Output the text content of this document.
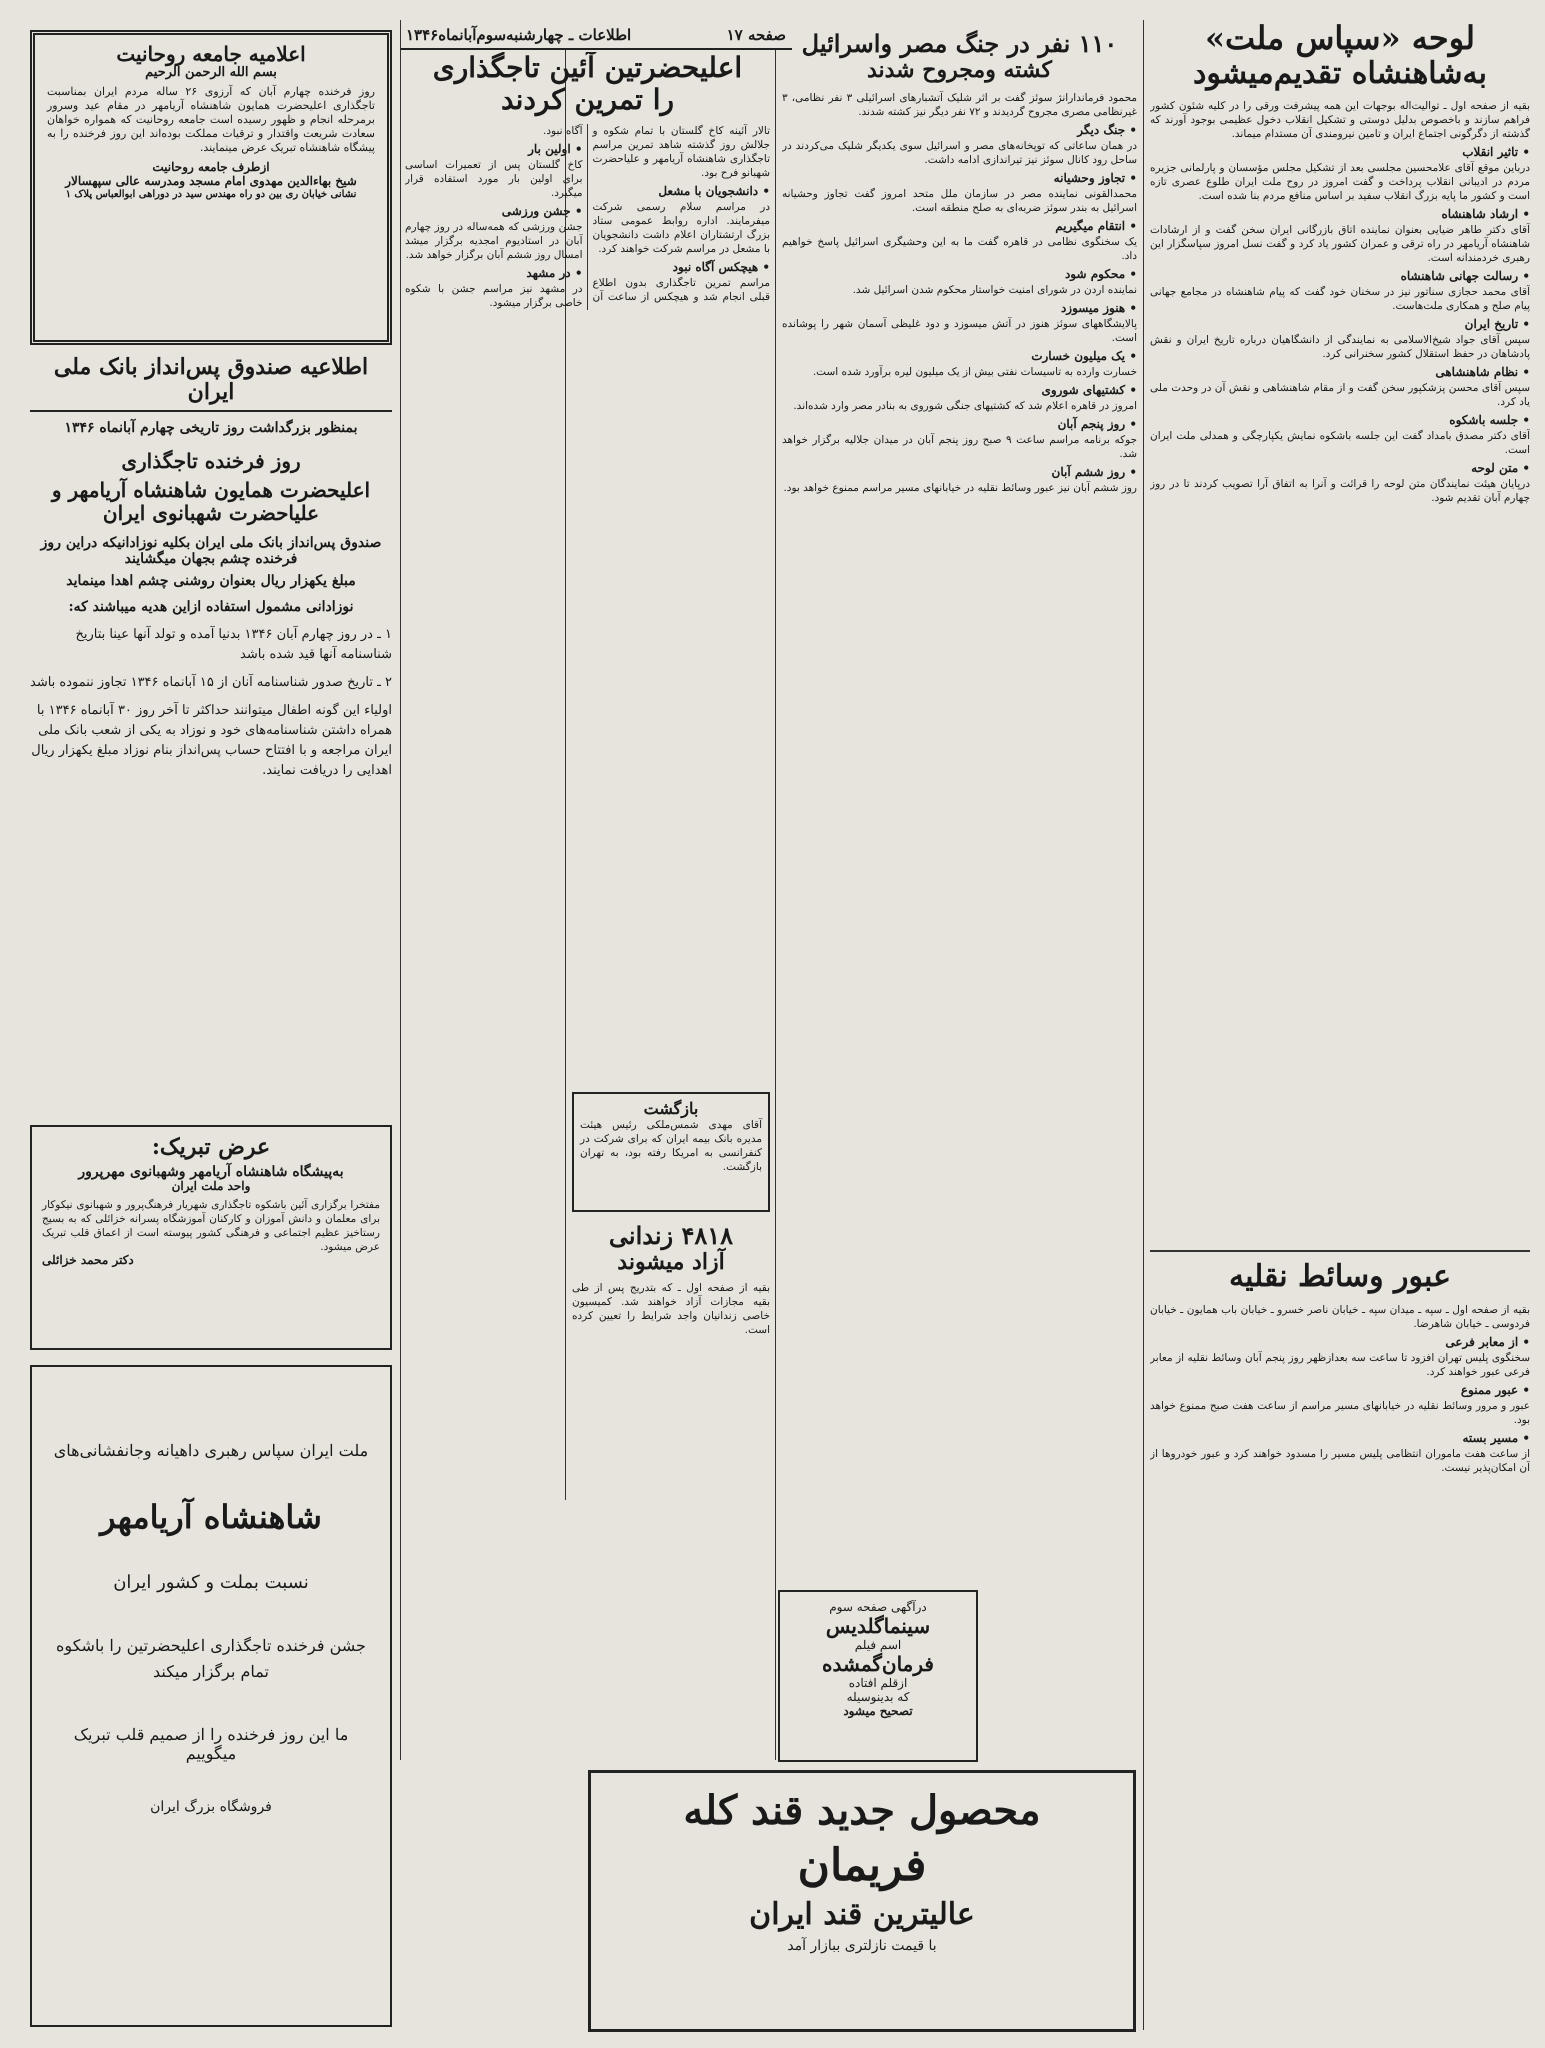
صفحه ۱۷
اطلاعات ـ چهارشنبه‌سوم‌آبانماه۱۳۴۶	لوحه «سپاس ملت»
به‌شاهنشاه تقدیم‌میشود

بقیه از صفحه اول ـ توالیت‌اله بوجهات این همه پیشرفت ورقی را در کلیه شئون کشور فراهم سازند و باخصوص بدلیل دوستی و تشکیل انقلاب دخول عظیمی بوجود آورند که گذشته از دگرگونی اجتماع ایران و تامین نیرومندی آن مستدام میماند.

• تاثیر انقلاب

درباین موقع آقای علامحسین مجلسی بعد از تشکیل مجلس مؤسسان و پارلمانی جزیره مردم در ادیبانی انقلاب پرداخت و گفت امروز در روح ملت ایران طلوع عصری تازه است و کشور ما پایه بزرگ انقلاب سفید بر اساس منافع مردم بنا شده است.

• ارشاد شاهنشاه

آقای دکتر طاهر ضیایی بعنوان نماینده اتاق بازرگانی ایران سخن گفت و از ارشادات شاهنشاه آریامهر در راه ترقی و عمران کشور یاد کرد و گفت نسل امروز سپاسگزار این رهبری خردمندانه است.

• رسالت جهانی شاهنشاه

آقای محمد حجازی سناتور نیز در سخنان خود گفت که پیام شاهنشاه در مجامع جهانی پیام صلح و همکاری ملت‌هاست.

• تاریخ ایران

سپس آقای جواد شیخ‌الاسلامی به نمایندگی از دانشگاهیان درباره تاریخ ایران و نقش پادشاهان در حفظ استقلال کشور سخنرانی کرد.

• نظام شاهنشاهی

سپس آقای محسن پزشکپور سخن گفت و از مقام شاهنشاهی و نقش آن در وحدت ملی یاد کرد.

• جلسه باشکوه

آقای دکتر مصدق بامداد گفت این جلسه باشکوه نمایش یکپارچگی و همدلی ملت ایران است.

• متن لوحه

درپایان هیئت نمایندگان متن لوحه را قرائت و آنرا به اتفاق آرا تصویب کردند تا در روز چهارم آبان تقدیم شود.

عبور وسائط نقلیه

بقیه از صفحه اول ـ سپه ـ میدان سپه ـ خیابان ناصر خسرو ـ خیابان باب همایون ـ خیابان فردوسی ـ خیابان شاهرضا.

• از معابر فرعی

سخنگوی پلیس تهران افزود تا ساعت سه بعدازظهر روز پنجم آبان وسائط نقلیه از معابر فرعی عبور خواهند کرد.

• عبور ممنوع

عبور و مرور وسائط نقلیه در خیابانهای مسیر مراسم از ساعت هفت صبح ممنوع خواهد بود.

• مسیر بسته

از ساعت هفت ماموران انتظامی پلیس مسیر را مسدود خواهند کرد و عبور خودروها از آن امکان‌پذیر نیست.

۱۱۰ نفر در جنگ مصر واسرائیل
کشته ومجروح شدند

محمود فرماندارانژ سوئز گفت بر اثر شلیک آتشبارهای اسرائیلی ۳ نفر نظامی، ۳ غیرنظامی مصری مجروح گردیدند و ۷۲ نفر دیگر نیز کشته شدند.

• جنگ دیگر

در همان ساعاتی که توپخانه‌های مصر و اسرائیل سوی یکدیگر شلیک می‌کردند در ساحل رود کانال سوئز نیز تیراندازی ادامه داشت.

• تجاوز وحشیانه

محمدالقونی نماینده مصر در سازمان ملل متحد امروز گفت تجاوز وحشیانه اسرائیل به بندر سوئز ضربه‌ای به صلح منطقه است.

• انتقام میگیریم

یک سخنگوی نظامی در قاهره گفت ما به این وحشیگری اسرائیل پاسخ خواهیم داد.

• محکوم شود

نماینده اردن در شورای امنیت خواستار محکوم شدن اسرائیل شد.

• هنوز میسوزد

پالایشگاههای سوئز هنوز در آتش میسوزد و دود غلیظی آسمان شهر را پوشانده است.

• یک میلیون خسارت

خسارت وارده به تاسیسات نفتی بیش از یک میلیون لیره برآورد شده است.

• کشتیهای شوروی

امروز در قاهره اعلام شد که کشتیهای جنگی شوروی به بنادر مصر وارد شده‌اند.

• روز پنجم آبان

جوکه برنامه مراسم ساعت ۹ صبح روز پنجم آبان در میدان جلالیه برگزار خواهد شد.

• روز ششم آبان

روز ششم آبان نیز عبور وسائط نقلیه در خیابانهای مسیر مراسم ممنوع خواهد بود.

بازگشت
آقای مهدی شمس‌ملکی رئیس هیئت مدیره بانک بیمه ایران که برای شرکت در کنفرانسی به امریکا رفته بود، به تهران بازگشت.
۴۸۱۸ زندانی
آزاد میشوند
بقیه از صفحه اول ـ که بتدریج پس از طی بقیه مجازات آزاد خواهند شد. کمیسیون خاصی زندانیان واجد شرایط را تعیین کرده است.
درآگهی صفحه سوم
سینماگلدیس
اسم فیلم
فرمان‌گمشده
ازقلم افتاده
که بدینوسیله
تصحیح میشود
اعلیحضرتین آئین تاجگذاری
را تمرین کردند

تالار آئینه کاخ گلستان با تمام شکوه و جلالش روز گذشته شاهد تمرین مراسم تاجگذاری شاهنشاه آریامهر و علیاحضرت شهبانو فرح بود.

• دانشجویان با مشعل

در مراسم سلام رسمی شرکت میفرمایند. اداره روابط عمومی ستاد بزرگ ارتشتاران اعلام داشت دانشجویان با مشعل در مراسم شرکت خواهند کرد.

• هیچکس آگاه نبود

مراسم تمرین تاجگذاری بدون اطلاع قبلی انجام شد و هیچکس از ساعت آن آگاه نبود.

• اولین بار

کاخ گلستان پس از تعمیرات اساسی برای اولین بار مورد استفاده قرار میگیرد.

• جشن ورزشی

جشن ورزشی که همه‌ساله در روز چهارم آبان در استادیوم امجدیه برگزار میشد امسال روز ششم آبان برگزار خواهد شد.

• در مشهد

در مشهد نیز مراسم جشن با شکوه خاصی برگزار میشود.

اعلامیه جامعه روحانیت
بسم الله الرحمن الرحیم
روز فرخنده چهارم آبان که آرزوی ۲۶ ساله مردم ایران بمناسبت تاجگذاری اعلیحضرت همایون شاهنشاه آریامهر در مقام عید وسرور برمرحله انجام و ظهور رسیده است جامعه روحانیت که همواره خواهان سعادت شریعت واقتدار و ترقیات مملکت بوده‌اند این روز فرخنده را به پیشگاه شاهنشاه تبریک عرض مینمایند.
ازطرف جامعه روحانیت
شیخ بهاءالدین مهدوی امام مسجد ومدرسه عالی سپهسالار
نشانی خیابان ری بین دو راه مهندس سید در دوراهی ابوالعباس پلاک ۱
اطلاعیه صندوق پس‌انداز بانک ملی ایران
بمنظور بزرگداشت روز تاریخی چهارم آبانماه ۱۳۴۶
روز فرخنده تاجگذاری
اعلیحضرت همایون شاهنشاه آریامهر و علیاحضرت شهبانوی ایران
صندوق پس‌انداز بانک ملی ایران بکلیه نوزادانیکه دراین روز فرخنده چشم بجهان میگشایند
مبلغ یکهزار ریال بعنوان روشنی چشم اهدا مینماید
نوزادانی مشمول استفاده ازاین هدیه میباشند که:
۱ ـ در روز چهارم آبان ۱۳۴۶ بدنیا آمده و تولد آنها عینا بتاریخ شناسنامه آنها قید شده باشد
۲ ـ تاریخ صدور شناسنامه آنان از ۱۵ آبانماه ۱۳۴۶ تجاوز ننموده باشد
اولیاء این گونه اطفال میتوانند حداکثر تا آخر روز ۳۰ آبانماه ۱۳۴۶ با همراه داشتن شناسنامه‌های خود و نوزاد به یکی از شعب بانک ملی ایران مراجعه و با افتتاح حساب پس‌انداز بنام نوزاد مبلغ یکهزار ریال اهدایی را دریافت نمایند.
عرض تبریک:
به‌پیشگاه شاهنشاه آریامهر وشهبانوی مهرپرور
واحد ملت ایران
مفتخرا برگزاری آئین باشکوه تاجگذاری شهریار فرهنگ‌پرور و شهبانوی نیکوکار برای معلمان و دانش آموزان و کارکنان آموزشگاه پسرانه خزائلی که به بسیج رستاخیز عظیم اجتماعی و فرهنگی کشور پیوسته است از اعماق قلب تبریک عرض میشود.
دکتر محمد خزائلی
ملت ایران سپاس رهبری داهیانه وجانفشانی‌های
شاهنشاه آریامهر
نسبت بملت و کشور ایران
جشن فرخنده تاجگذاری اعلیحضرتین را باشکوه تمام برگزار میکند
ما این روز فرخنده را از صمیم قلب تبریک میگوییم
فروشگاه بزرگ ایران	محصول جدید قند کله
فریمان
عالیترین قند ایران
با قیمت نازلتری ببازار آمد
